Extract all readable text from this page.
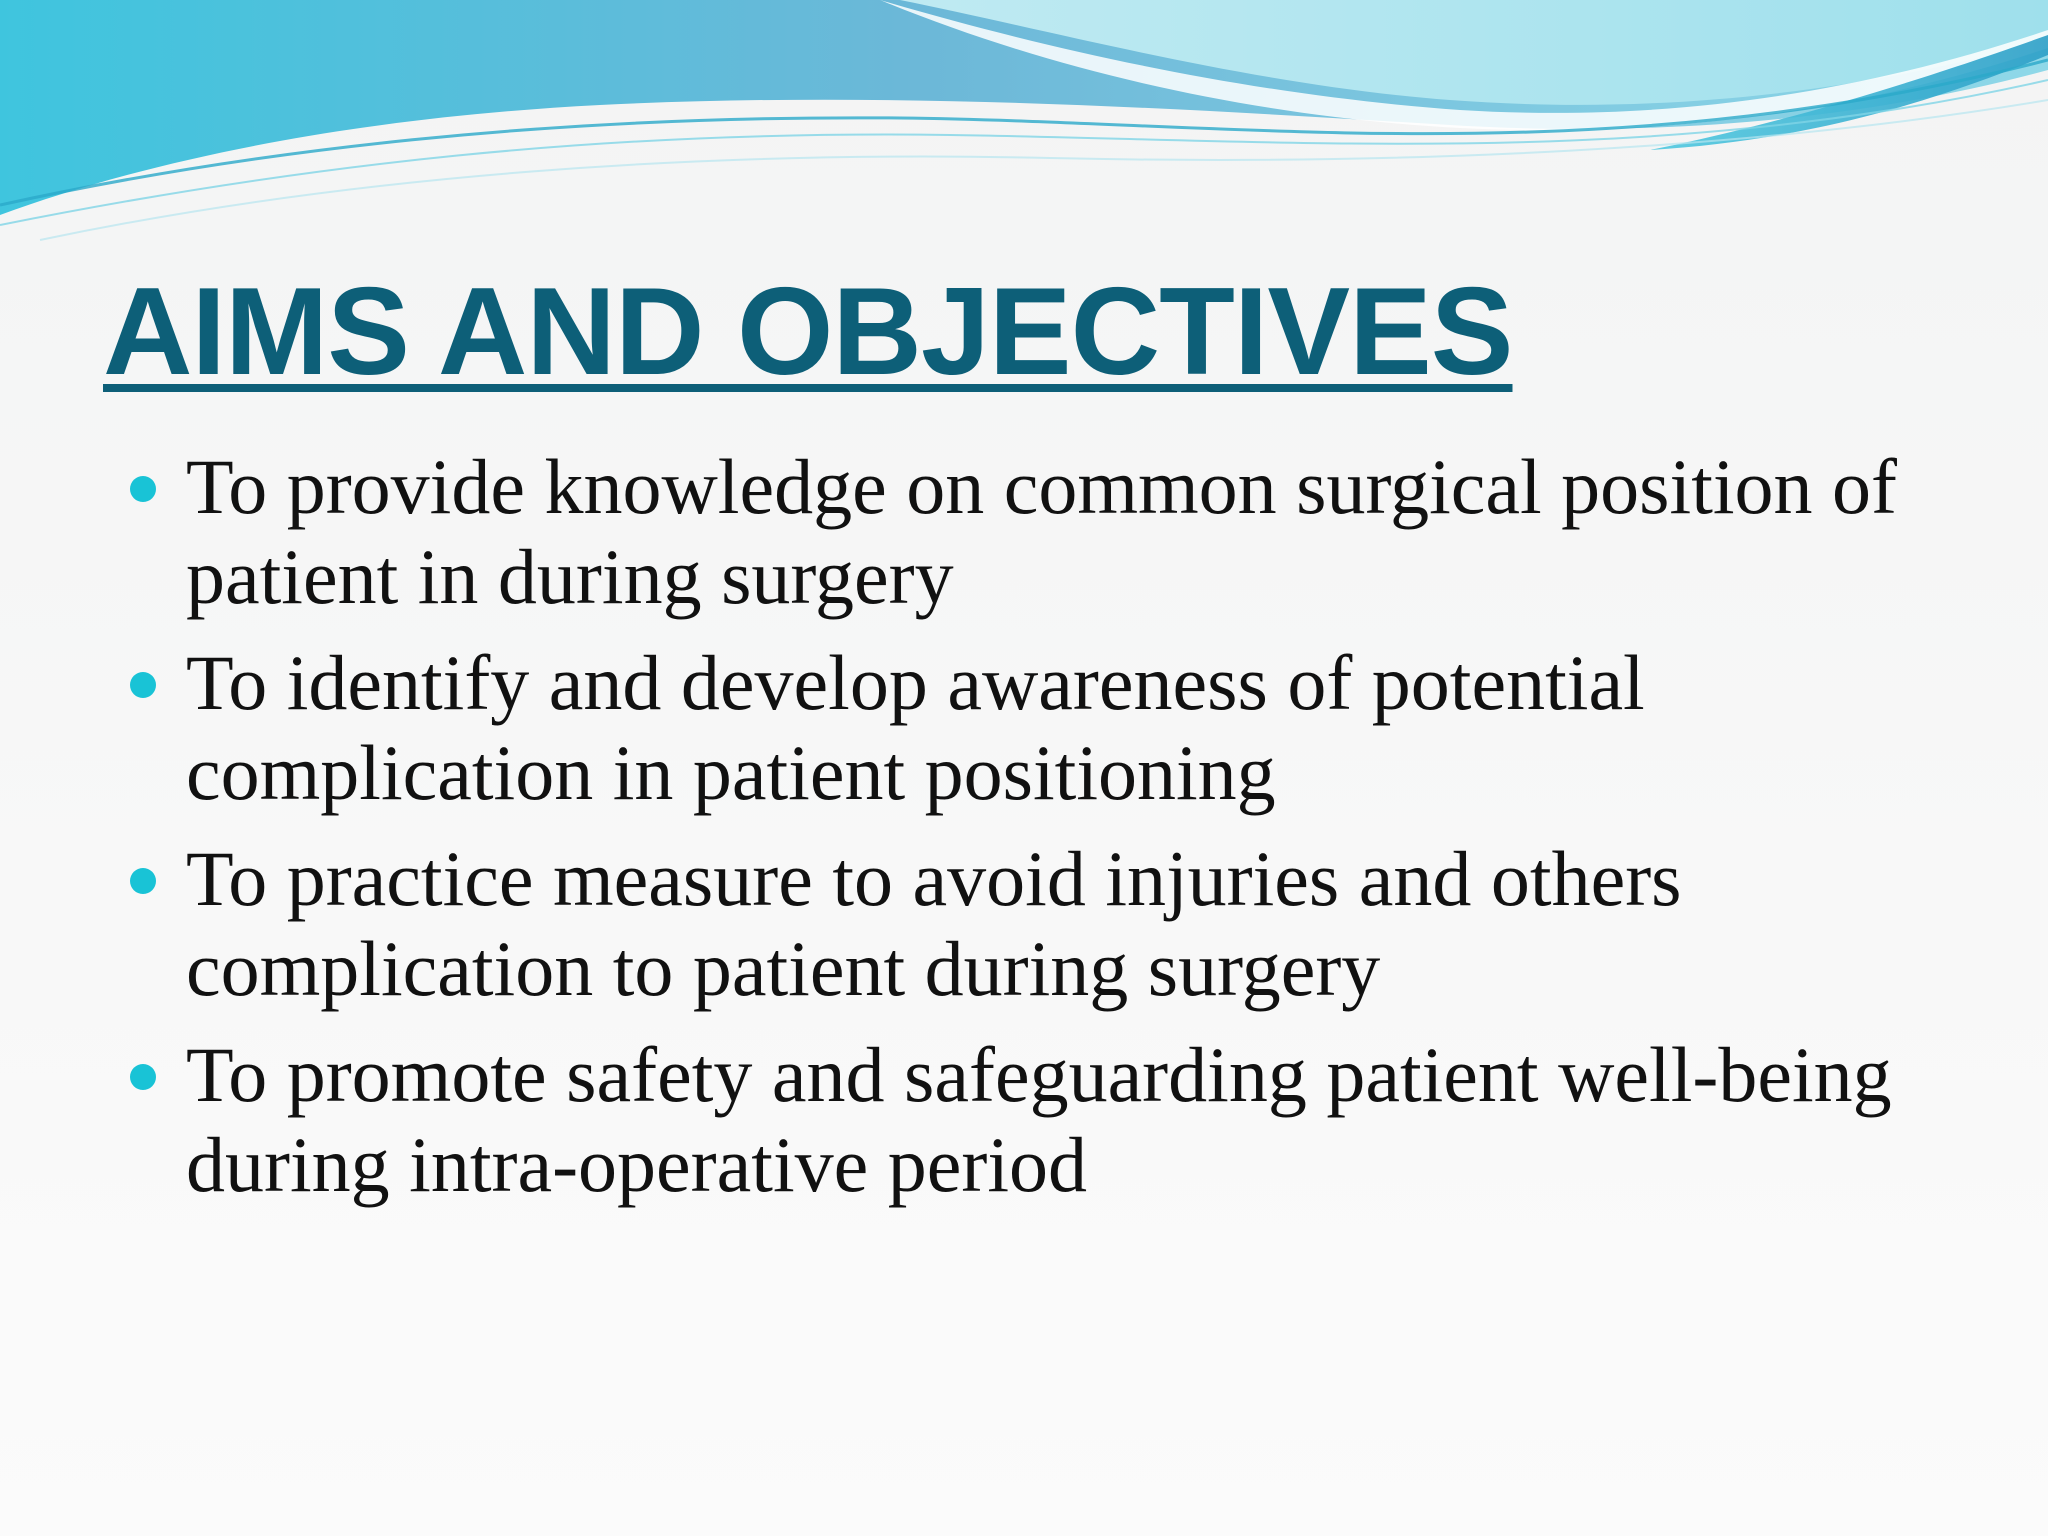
AIMS AND OBJECTIVES
To provide knowledge on common surgical position of patient in during surgery
To identify and develop awareness of potential complication in patient positioning
To practice measure to avoid injuries and others complication to patient during surgery
To promote safety and safeguarding patient well-being during intra-operative period
